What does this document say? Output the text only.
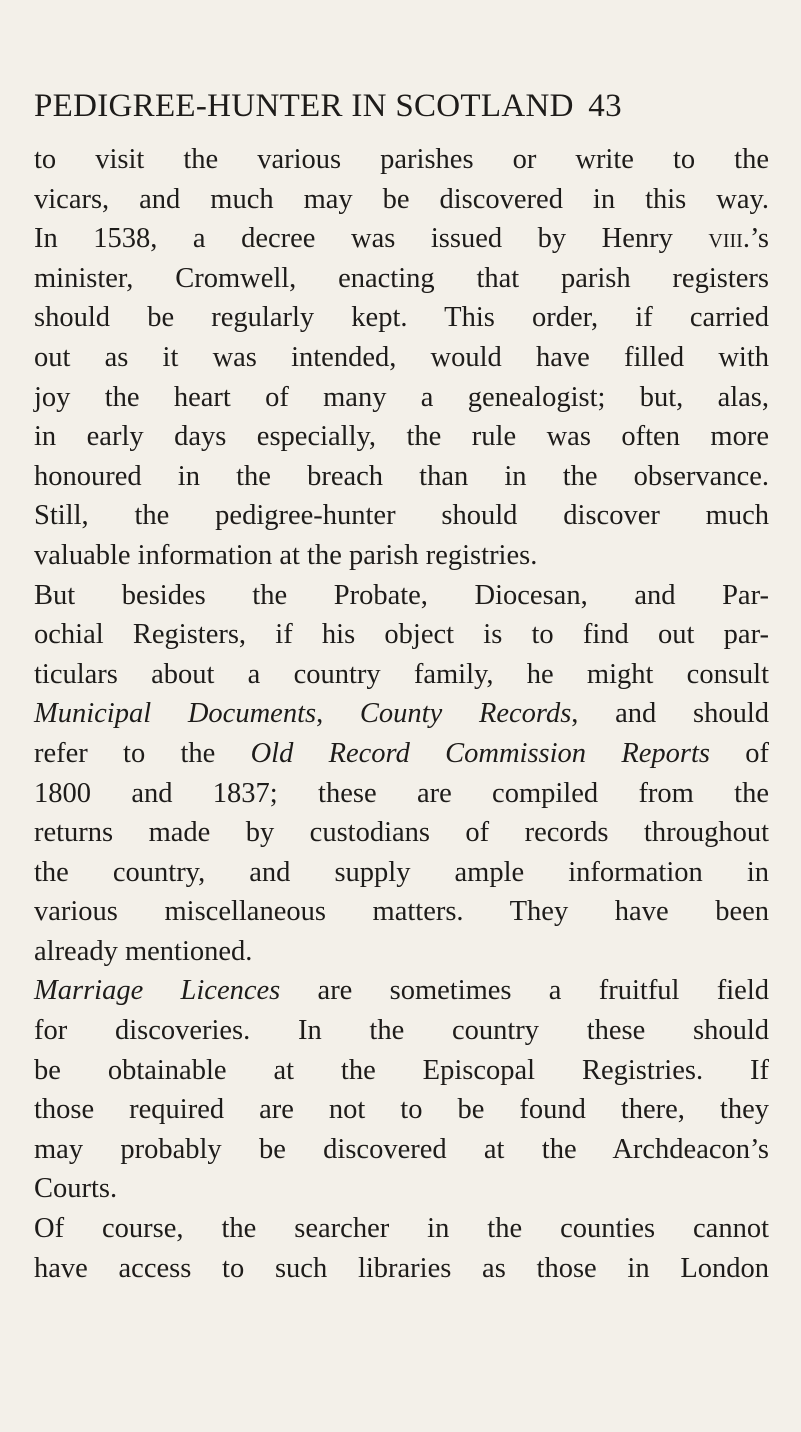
PEDIGREE-HUNTER IN SCOTLAND 43
to visit the various parishes or write to the
vicars, and much may be discovered in this way.
In 1538, a decree was issued by Henry viii.’s
minister, Cromwell, enacting that parish registers
should be regularly kept. This order, if carried
out as it was intended, would have filled with
joy the heart of many a genealogist; but, alas,
in early days especially, the rule was often more
honoured in the breach than in the observance.
Still, the pedigree-hunter should discover much
valuable information at the parish registries.
But besides the Probate, Diocesan, and Par-
ochial Registers, if his object is to find out par-
ticulars about a country family, he might consult
Municipal Documents, County Records, and should
refer to the Old Record Commission Reports of
1800 and 1837; these are compiled from the
returns made by custodians of records throughout
the country, and supply ample information in
various miscellaneous matters. They have been
already mentioned.
Marriage Licences are sometimes a fruitful field
for discoveries. In the country these should
be obtainable at the Episcopal Registries. If
those required are not to be found there, they
may probably be discovered at the Archdeacon’s
Courts.
Of course, the searcher in the counties cannot
have access to such libraries as those in London
